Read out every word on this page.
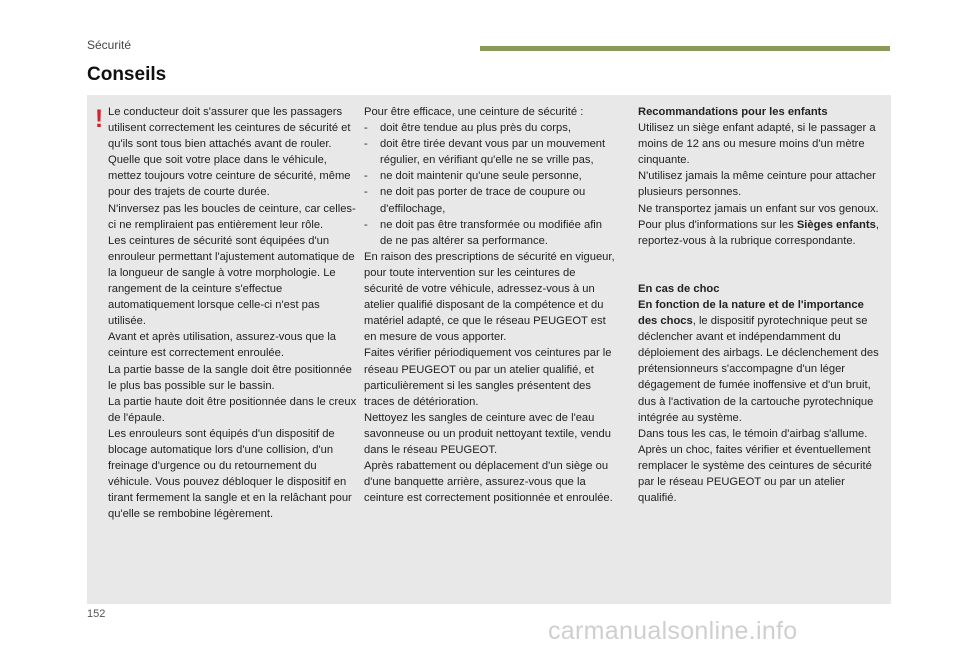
Sécurité
Conseils
! Le conducteur doit s'assurer que les passagers utilisent correctement les ceintures de sécurité et qu'ils sont tous bien attachés avant de rouler.

Quelle que soit votre place dans le véhicule, mettez toujours votre ceinture de sécurité, même pour des trajets de courte durée.

N'inversez pas les boucles de ceinture, car celles-ci ne rempliraient pas entièrement leur rôle.

Les ceintures de sécurité sont équipées d'un enrouleur permettant l'ajustement automatique de la longueur de sangle à votre morphologie. Le rangement de la ceinture s'effectue automatiquement lorsque celle-ci n'est pas utilisée.

Avant et après utilisation, assurez-vous que la ceinture est correctement enroulée.

La partie basse de la sangle doit être positionnée le plus bas possible sur le bassin.

La partie haute doit être positionnée dans le creux de l'épaule.

Les enrouleurs sont équipés d'un dispositif de blocage automatique lors d'une collision, d'un freinage d'urgence ou du retournement du véhicule. Vous pouvez débloquer le dispositif en tirant fermement la sangle et en la relâchant pour qu'elle se rembobine légèrement.

Pour être efficace, une ceinture de sécurité :

-	doit être tendue au plus près du corps,
-	doit être tirée devant vous par un mouvement régulier, en vérifiant qu'elle ne se vrille pas,
-	ne doit maintenir qu'une seule personne,
-	ne doit pas porter de trace de coupure ou d'effilochage,
-	ne doit pas être transformée ou modifiée afin de ne pas altérer sa performance.

En raison des prescriptions de sécurité en vigueur, pour toute intervention sur les ceintures de sécurité de votre véhicule, adressez-vous à un atelier qualifié disposant de la compétence et du matériel adapté, ce que le réseau PEUGEOT est en mesure de vous apporter.

Faites vérifier périodiquement vos ceintures par le réseau PEUGEOT ou par un atelier qualifié, et particulièrement si les sangles présentent des traces de détérioration.

Nettoyez les sangles de ceinture avec de l'eau savonneuse ou un produit nettoyant textile, vendu dans le réseau PEUGEOT.

Après rabattement ou déplacement d'un siège ou d'une banquette arrière, assurez-vous que la ceinture est correctement positionnée et enroulée.

Recommandations pour les enfants

Utilisez un siège enfant adapté, si le passager a moins de 12 ans ou mesure moins d'un mètre cinquante.

N'utilisez jamais la même ceinture pour attacher plusieurs personnes.

Ne transportez jamais un enfant sur vos genoux.

Pour plus d'informations sur les Sièges enfants, reportez-vous à la rubrique correspondante.

En cas de choc

En fonction de la nature et de l'importance des chocs, le dispositif pyrotechnique peut se déclencher avant et indépendamment du déploiement des airbags. Le déclenchement des prétensionneurs s'accompagne d'un léger dégagement de fumée inoffensive et d'un bruit, dus à l'activation de la cartouche pyrotechnique intégrée au système.

Dans tous les cas, le témoin d'airbag s'allume.

Après un choc, faites vérifier et éventuellement remplacer le système des ceintures de sécurité par le réseau PEUGEOT ou par un atelier qualifié.

152
carmanualsonline.info
